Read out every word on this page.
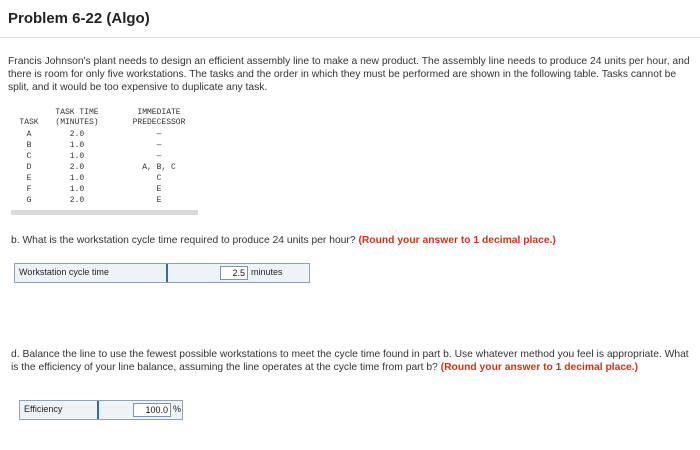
Problem 6-22 (Algo)
Francis Johnson's plant needs to design an efficient assembly line to make a new product. The assembly line needs to produce 24 units per hour, and there is room for only five workstations. The tasks and the order in which they must be performed are shown in the following table. Tasks cannot be split, and it would be too expensive to duplicate any task.
TASK TIME	IMMEDIATE
TASK	(MINUTES)	PREDECESSOR
A	2.0	—
B	1.0	—
C	1.0	—
D	2.0	A, B, C
E	1.0	C
F	1.0	E
G	2.0	E
b. What is the workstation cycle time required to produce 24 units per hour? (Round your answer to 1 decimal place.)
Workstation cycle time	2.5 minutes
d. Balance the line to use the fewest possible workstations to meet the cycle time found in part b. Use whatever method you feel is appropriate. What is the efficiency of your line balance, assuming the line operates at the cycle time from part b? (Round your answer to 1 decimal place.)
Efficiency	100.0 %
